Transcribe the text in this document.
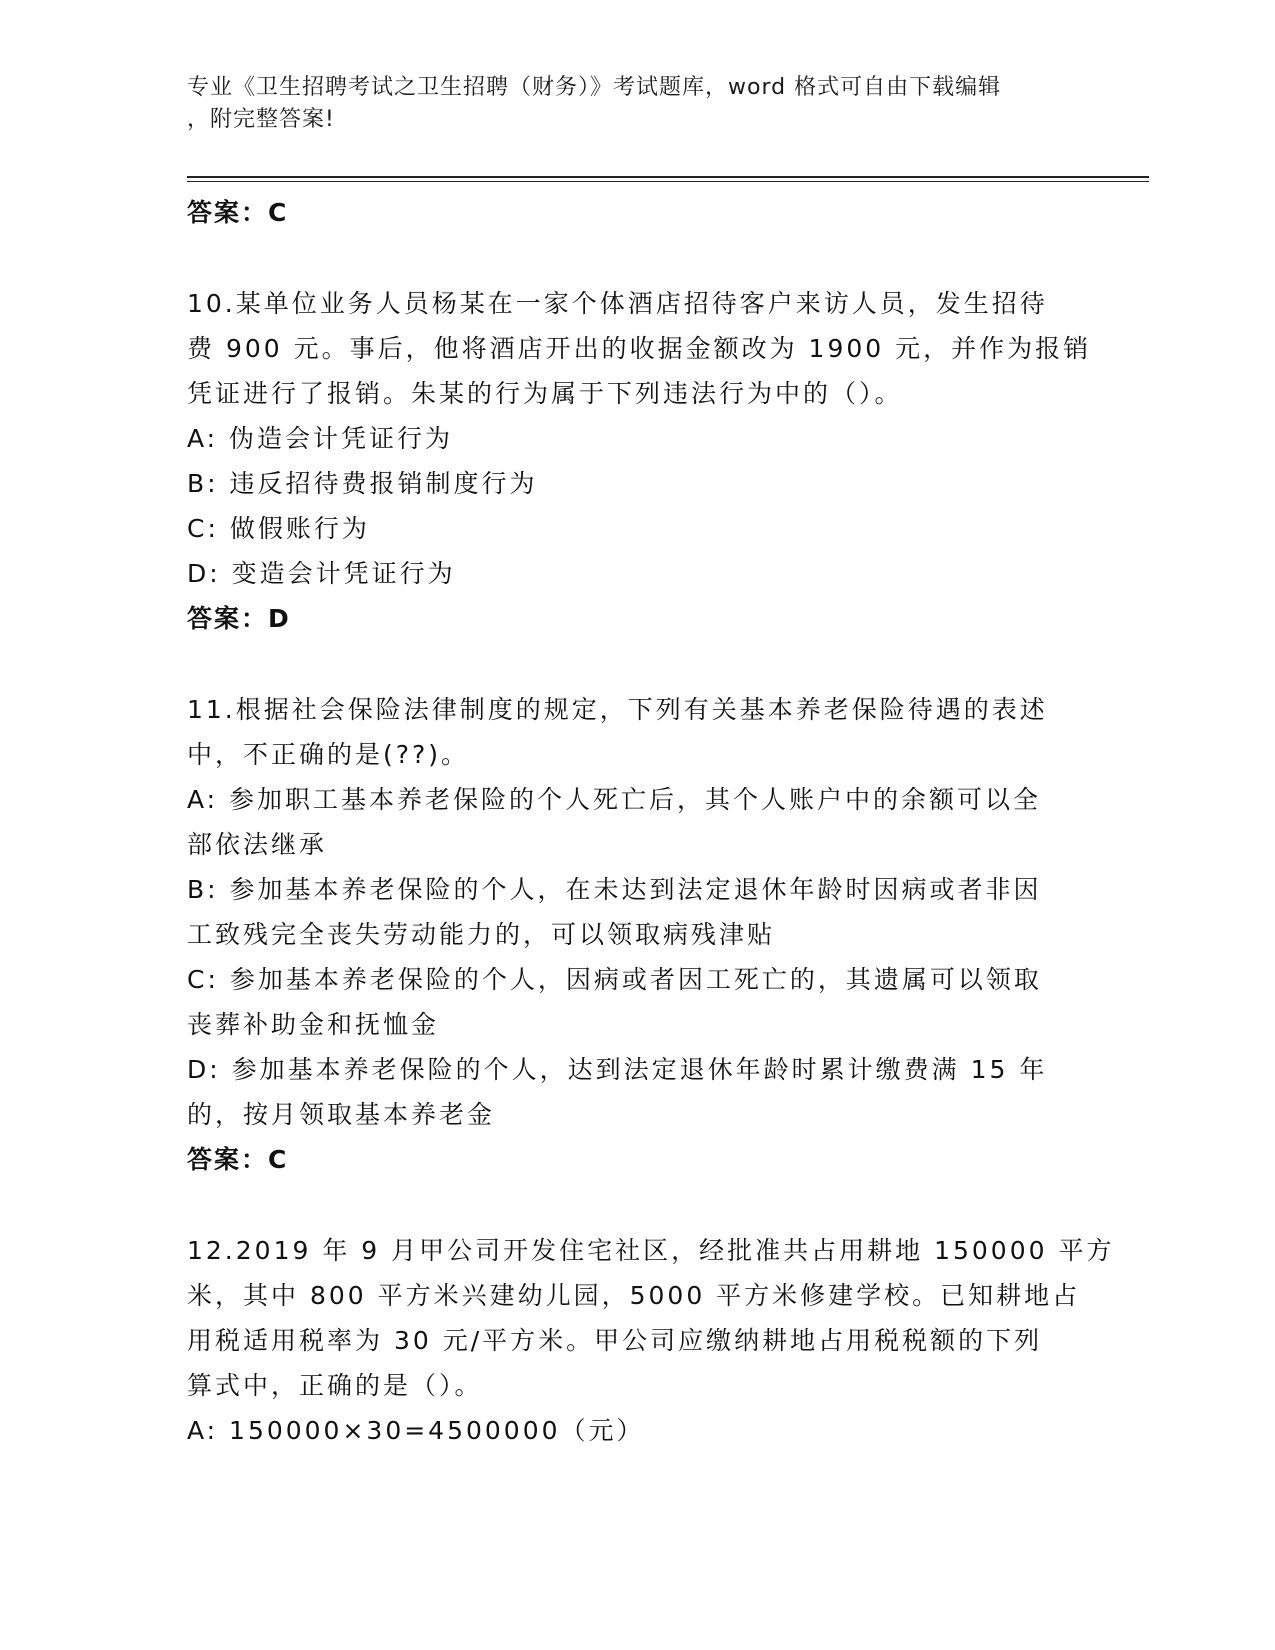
专业《卫生招聘考试之卫生招聘（财务）》考试题库，word 格式可自由下载编辑
，附完整答案!
答案：C
10.某单位业务人员杨某在一家个体酒店招待客户来访人员，发生招待
费 900 元。事后，他将酒店开出的收据金额改为 1900 元，并作为报销
凭证进行了报销。朱某的行为属于下列违法行为中的（）。
A: 伪造会计凭证行为
B: 违反招待费报销制度行为
C: 做假账行为
D: 变造会计凭证行为
答案：D
11.根据社会保险法律制度的规定，下列有关基本养老保险待遇的表述
中，不正确的是(??)。
A: 参加职工基本养老保险的个人死亡后，其个人账户中的余额可以全
部依法继承
B: 参加基本养老保险的个人，在未达到法定退休年龄时因病或者非因
工致残完全丧失劳动能力的，可以领取病残津贴
C: 参加基本养老保险的个人，因病或者因工死亡的，其遗属可以领取
丧葬补助金和抚恤金
D: 参加基本养老保险的个人，达到法定退休年龄时累计缴费满 15 年
的，按月领取基本养老金
答案：C
12.2019 年 9 月甲公司开发住宅社区，经批准共占用耕地 150000 平方
米，其中 800 平方米兴建幼儿园，5000 平方米修建学校。已知耕地占
用税适用税率为 30 元/平方米。甲公司应缴纳耕地占用税税额的下列
算式中，正确的是（）。
A: 150000×30=4500000（元）
